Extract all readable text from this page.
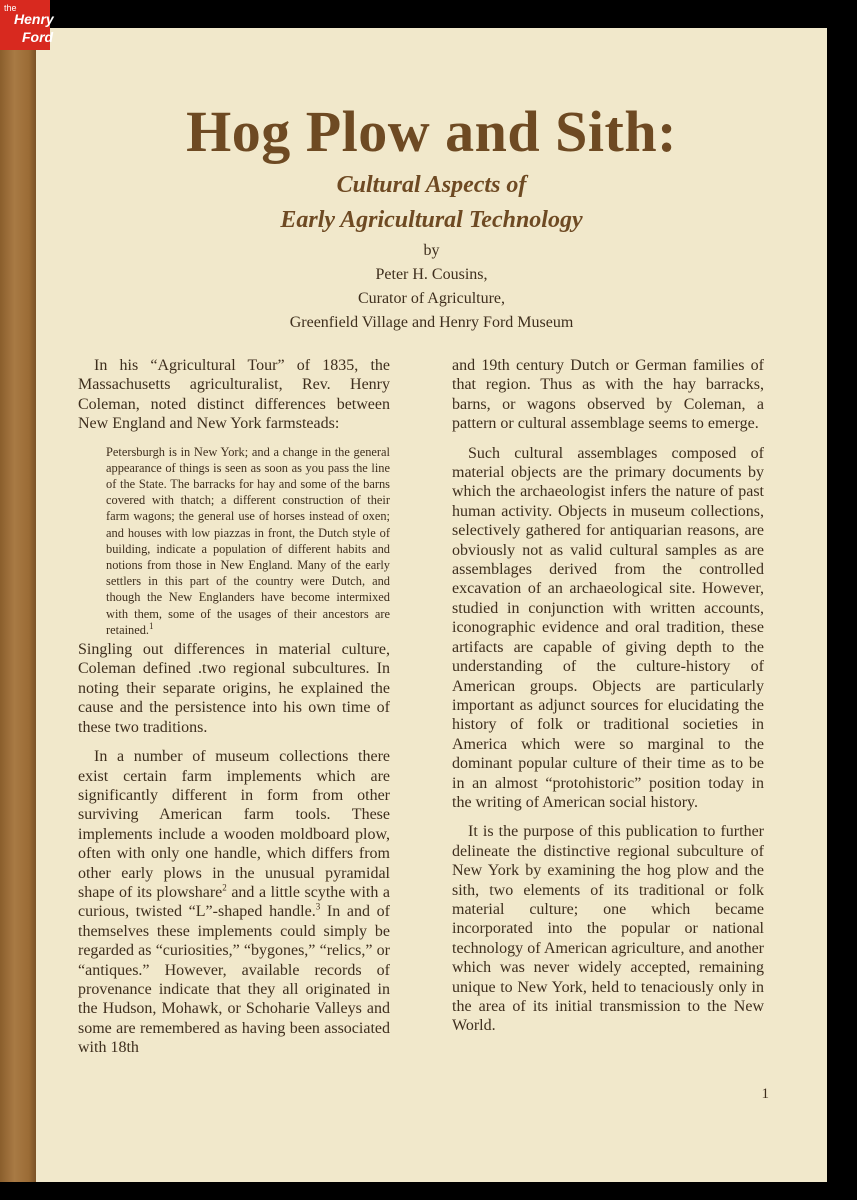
the
Henry
Ford
Hog Plow and Sith:
Cultural Aspects of
Early Agricultural Technology

by

Peter H. Cousins,

Curator of Agriculture,

Greenfield Village and Henry Ford Museum

In his “Agricultural Tour” of 1835, the Massachusetts agriculturalist, Rev. Henry Coleman, noted distinct differences between New England and New York farmsteads:

Petersburgh is in New York; and a change in the general appearance of things is seen as soon as you pass the line of the State. The barracks for hay and some of the barns covered with thatch; a different construction of their farm wagons; the general use of horses instead of oxen; and houses with low piazzas in front, the Dutch style of building, indicate a population of different habits and notions from those in New England. Many of the early settlers in this part of the country were Dutch, and though the New Englanders have become intermixed with them, some of the usages of their ancestors are retained.$^1$

Singling out differences in material culture, Coleman defined .two regional subcultures. In noting their separate origins, he explained the cause and the persistence into his own time of these two traditions.

In a number of museum collections there exist certain farm implements which are significantly different in form from other surviving American farm tools. These implements include a wooden moldboard plow, often with only one handle, which differs from other early plows in the unusual pyramidal shape of its plowshare$^2$ and a little scythe with a curious, twisted “L”-shaped handle.$^3$ In and of themselves these implements could simply be regarded as “curiosities,” “bygones,” “relics,” or “antiques.” However, available records of provenance indicate that they all originated in the Hudson, Mohawk, or Schoharie Valleys and some are remembered as having been associated with 18th

and 19th century Dutch or German families of that region. Thus as with the hay barracks, barns, or wagons observed by Coleman, a pattern or cultural assemblage seems to emerge.

Such cultural assemblages composed of material objects are the primary documents by which the archaeologist infers the nature of past human activity. Objects in museum collections, selectively gathered for antiquarian reasons, are obviously not as valid cultural samples as are assemblages derived from the controlled excavation of an archaeological site. However, studied in conjunction with written accounts, iconographic evidence and oral tradition, these artifacts are capable of giving depth to the understanding of the culture-history of American groups. Objects are particularly important as adjunct sources for elucidating the history of folk or traditional societies in America which were so marginal to the dominant popular culture of their time as to be in an almost “protohistoric” position today in the writing of American social history.

It is the purpose of this publication to further delineate the distinctive regional subculture of New York by examining the hog plow and the sith, two elements of its traditional or folk material culture; one which became incorporated into the popular or national technology of American agriculture, and another which was never widely accepted, remaining unique to New York, held to tenaciously only in the area of its initial transmission to the New World.

1
